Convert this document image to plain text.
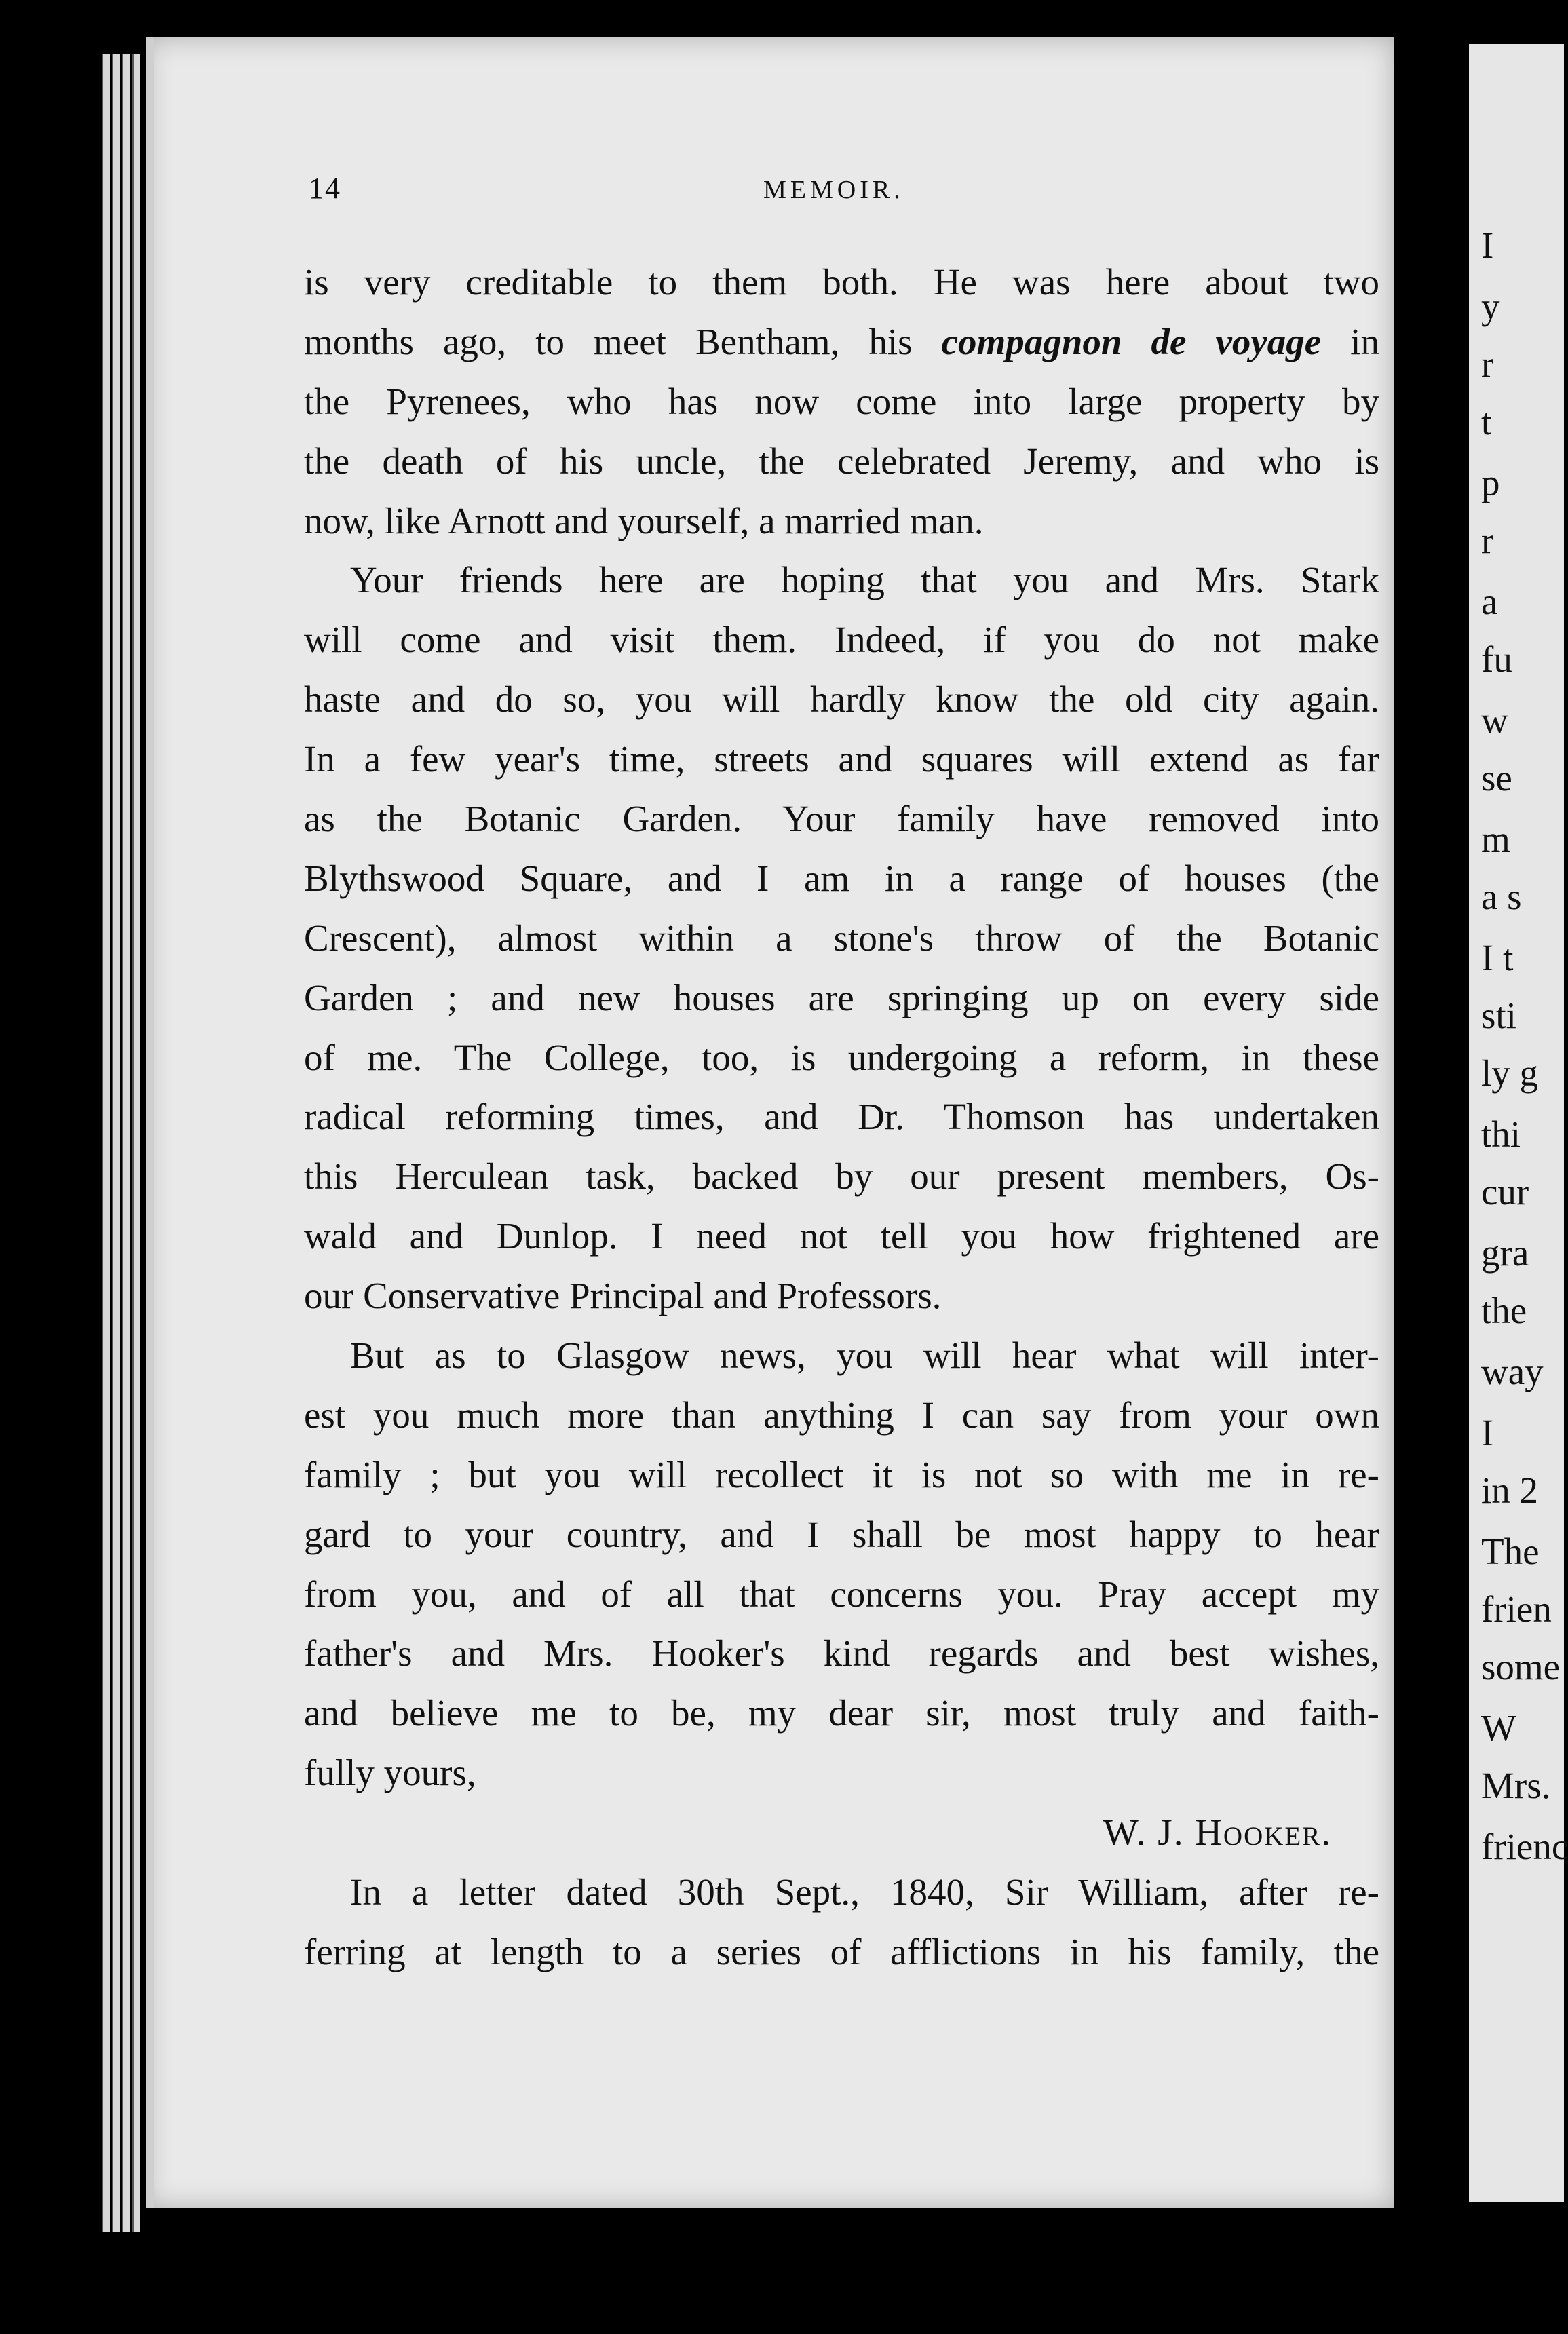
14	MEMOIR.
is very creditable to them both. He was here about two
months ago, to meet Bentham, his compagnon de voyage in
the Pyrenees, who has now come into large property by
the death of his uncle, the celebrated Jeremy, and who is
now, like Arnott and yourself, a married man.
Your friends here are hoping that you and Mrs. Stark
will come and visit them. Indeed, if you do not make
haste and do so, you will hardly know the old city again.
In a few year's time, streets and squares will extend as far
as the Botanic Garden. Your family have removed into
Blythswood Square, and I am in a range of houses (the
Crescent), almost within a stone's throw of the Botanic
Garden ; and new houses are springing up on every side
of me. The College, too, is undergoing a reform, in these
radical reforming times, and Dr. Thomson has undertaken
this Herculean task, backed by our present members, Os-
wald and Dunlop. I need not tell you how frightened are
our Conservative Principal and Professors.
But as to Glasgow news, you will hear what will inter-
est you much more than anything I can say from your own
family ; but you will recollect it is not so with me in re-
gard to your country, and I shall be most happy to hear
from you, and of all that concerns you. Pray accept my
father's and Mrs. Hooker's kind regards and best wishes,
and believe me to be, my dear sir, most truly and faith-
fully yours,
W. J. Hooker.
In a letter dated 30th Sept., 1840, Sir William, after re-
ferring at length to a series of afflictions in his family, the
I
y
r
t
p
r
a
fu
w
se
m
a s
I t
sti
ly g
thi
cur
gra
the
way
I
in 2
The
frien
some
W
Mrs.
frienc
